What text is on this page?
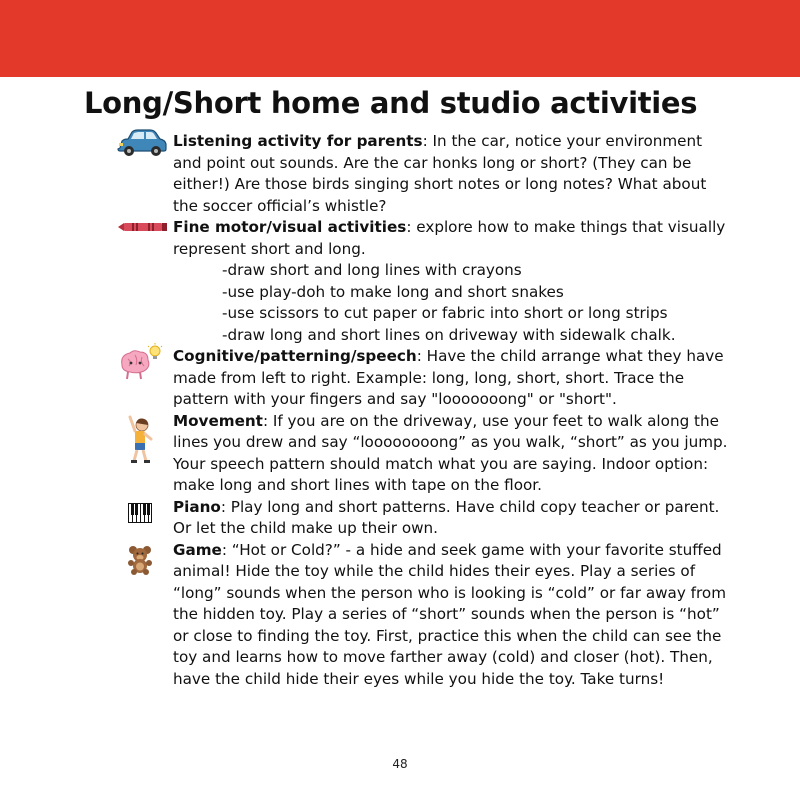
Long/Short home and studio activities

Listening activity for parents: In the car, notice your environment and point out sounds. Are the car honks long or short? (They can be either!) Are those birds singing short notes or long notes? What about the soccer official’s whistle?

Fine motor/visual activities: explore how to make things that visually represent short and long.

-draw short and long lines with crayons

-use play-doh to make long and short snakes

-use scissors to cut paper or fabric into short or long strips

-draw long and short lines on driveway with sidewalk chalk.

Cognitive/patterning/speech: Have the child arrange what they have made from left to right. Example: long, long, short, short. Trace the pattern with your fingers and say "looooooong" or "short".

Movement: If you are on the driveway, use your feet to walk along the lines you drew and say “loooooooong” as you walk, “short” as you jump. Your speech pattern should match what you are saying. Indoor option: make long and short lines with tape on the floor.

Piano: Play long and short patterns. Have child copy teacher or parent. Or let the child make up their own.

Game: “Hot or Cold?” - a hide and seek game with your favorite stuffed animal! Hide the toy while the child hides their eyes. Play a series of “long” sounds when the person who is looking is “cold” or far away from the hidden toy. Play a series of “short” sounds when the person is “hot” or close to finding the toy. First, practice this when the child can see the toy and learns how to move farther away (cold) and closer (hot). Then, have the child hide their eyes while you hide the toy. Take turns!

48
